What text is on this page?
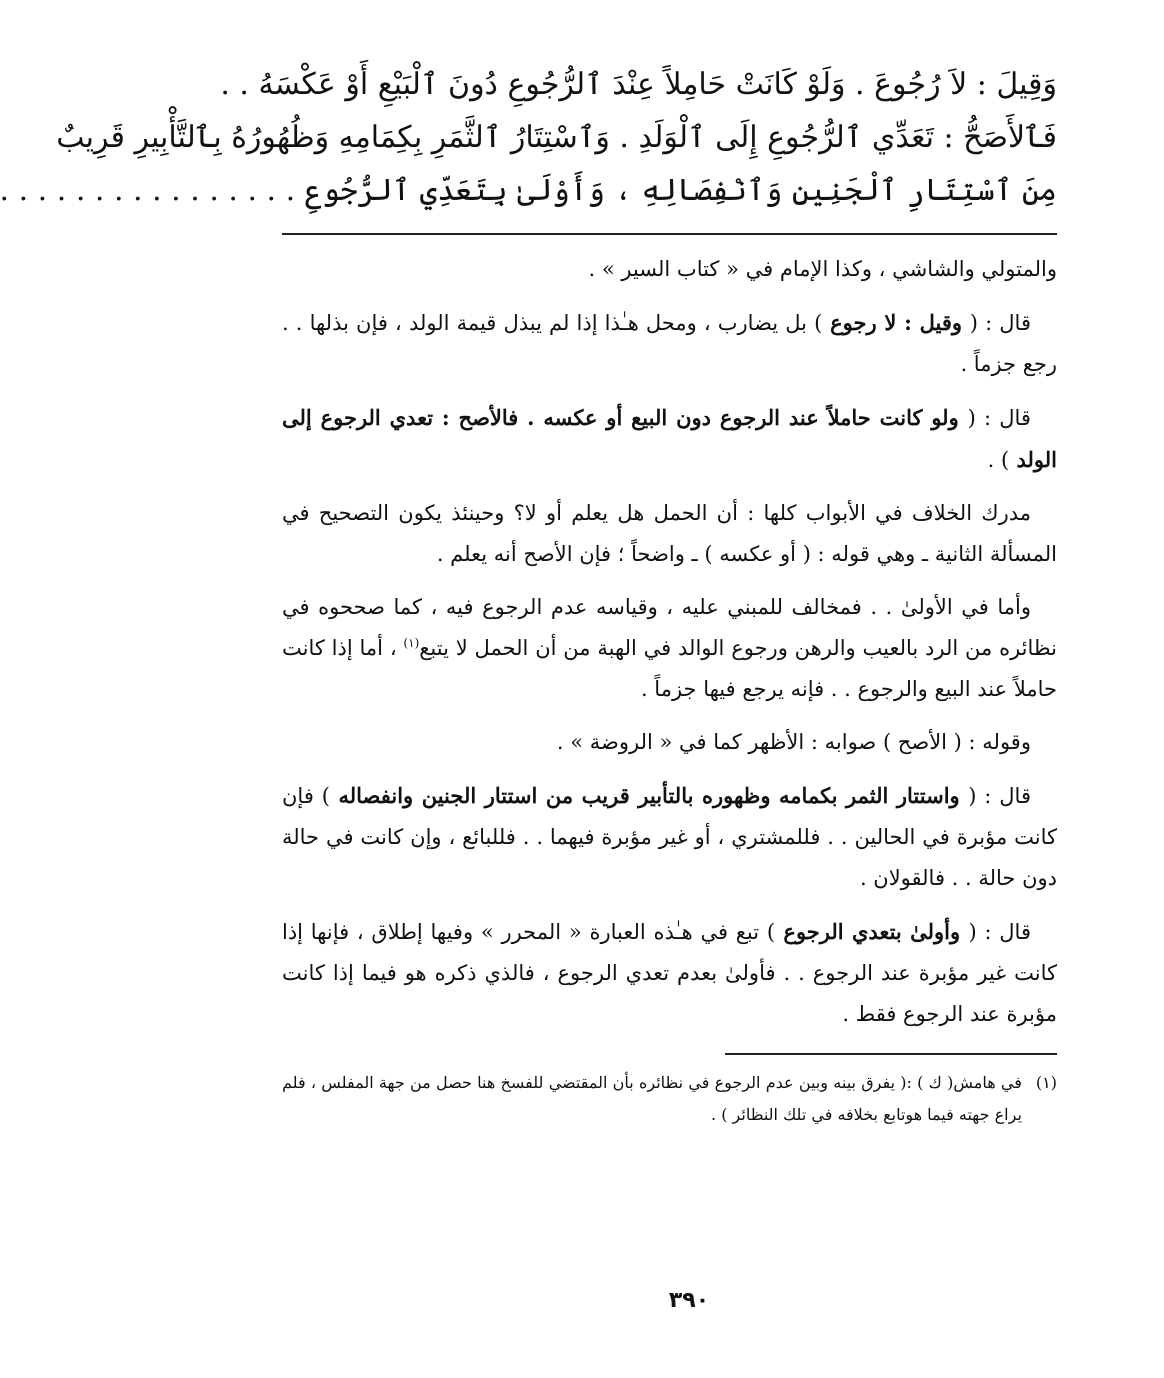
وَقِيلَ : لاَ رُجُوعَ . وَلَوْ كَانَتْ حَامِلاً عِنْدَ ٱلرُّجُوعِ دُونَ ٱلْبَيْعِ أَوْ عَكْسَهُ . .
فَٱلأَصَحُّ : تَعَدِّي ٱلرُّجُوعِ إِلَى ٱلْوَلَدِ . وَٱسْتِتَارُ ٱلثَّمَرِ بِكِمَامِهِ وَظُهُورُهُ بِٱلتَّأْبِيرِ قَرِيبٌ
مِنَ ٱسْتِتَارِ ٱلْجَنِينِ وَٱنْفِصَالِهِ ، وَأَوْلَىٰ بِتَعَدِّي ٱلرُّجُوعِ . . . . . . . . . . . . . . . .

والمتولي والشاشي ، وكذا الإمام في « كتاب السير » .

قال : ( وقيل : لا رجوع ) بل يضارب ، ومحل هـٰذا إذا لم يبذل قيمة الولد ، فإن بذلها . . رجع جزماً .

قال : ( ولو كانت حاملاً عند الرجوع دون البيع أو عكسه . فالأصح : تعدي الرجوع إلى الولد ) .

مدرك الخلاف في الأبواب كلها : أن الحمل هل يعلم أو لا؟ وحينئذ يكون التصحيح في المسألة الثانية ـ وهي قوله : ( أو عكسه ) ـ واضحاً ؛ فإن الأصح أنه يعلم .

وأما في الأولىٰ . . فمخالف للمبني عليه ، وقياسه عدم الرجوع فيه ، كما صححوه في نظائره من الرد بالعيب والرهن ورجوع الوالد في الهبة من أن الحمل لا يتبع$^{(١)}$ ، أما إذا كانت حاملاً عند البيع والرجوع . . فإنه يرجع فيها جزماً .

وقوله : ( الأصح ) صوابه : الأظهر كما في « الروضة » .

قال : ( واستتار الثمر بكمامه وظهوره بالتأبير قريب من استتار الجنين وانفصاله ) فإن كانت مؤبرة في الحالين . . فللمشتري ، أو غير مؤبرة فيهما . . فللبائع ، وإن كانت في حالة دون حالة . . فالقولان .

قال : ( وأولىٰ بتعدي الرجوع ) تبع في هـٰذه العبارة « المحرر » وفيها إطلاق ، فإنها إذا كانت غير مؤبرة عند الرجوع . . فأولىٰ بعدم تعدي الرجوع ، فالذي ذكره هو فيما إذا كانت مؤبرة عند الرجوع فقط .

(١)
في هامش( ك ) :( يفرق بينه وبين عدم الرجوع في نظائره بأن المقتضي للفسخ هنا حصل من جهة المفلس ، فلم يراع جهته فيما هوتابع بخلافه في تلك النظائر ) .
٣٩٠
